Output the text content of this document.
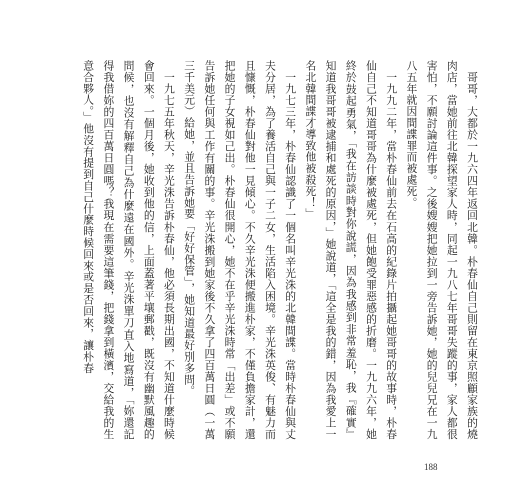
　哥哥，大都於一九六四年返回北韓。朴春仙自己則留在東京照顧家族的燒肉店，當她前往北韓探望家人時，同起一九八七年哥哥失蹤的事，家人都很害怕，不願討論這件事。之後嫂嫂把她拉到一旁告訴她，她的兒兒兄在一九八五年就因間諜罪而被處死。

　一九九二年，當朴春仙前去在石高的紀錄片拍攝起她哥哥的故事時，朴春仙自己不知道哥哥為什麼被處死，但她飽受罪惡感的折磨。一九九六年，她終於鼓起勇氣，「我在訪談時對你說謊，因為我感到非常羞恥，我『確實』知道我哥哥被逮捕和處死的原因，」她說道，「這全是我的錯，因為我愛上一名北韓間諜才導致他被殺死！」

　一九七三年，朴春仙認識了一個名叫辛光洙的北韓間諜。當時朴春仙與丈夫分居，為了養活自己與一子二女，生活陷入困境。辛光洙英俊、有魅力而且慷慨，朴春仙對他一見傾心。不久辛光洙便搬進朴家，不僅負擔家計，還把她的子女視如己出。朴春仙很開心，她不在乎辛光洙時常「出差」或不願告訴她任何與工作有關的事。辛光洙搬到她家後不久拿了四百萬日圓（一萬三千美元）給她，並且告訴她要「好好保管」，她知道最好別多問。

　一九七五年秋天，辛光洙告訴朴春仙，他必須長期出國，不知道什麼時候會回來。一個月後，她收到他的信，上面蓋著平壤郵戳，既沒有幽默風趣的問候，也沒有解釋自己為什麼遠在國外。辛光洙單刀直入地寫道，「妳還記得我借妳的四百萬日圓嗎？我現在需要這筆錢，把錢拿到橫濱，交給我的生意合夥人。」他沒有提到自己什麼時候回來或是否回來，讓朴春

188
